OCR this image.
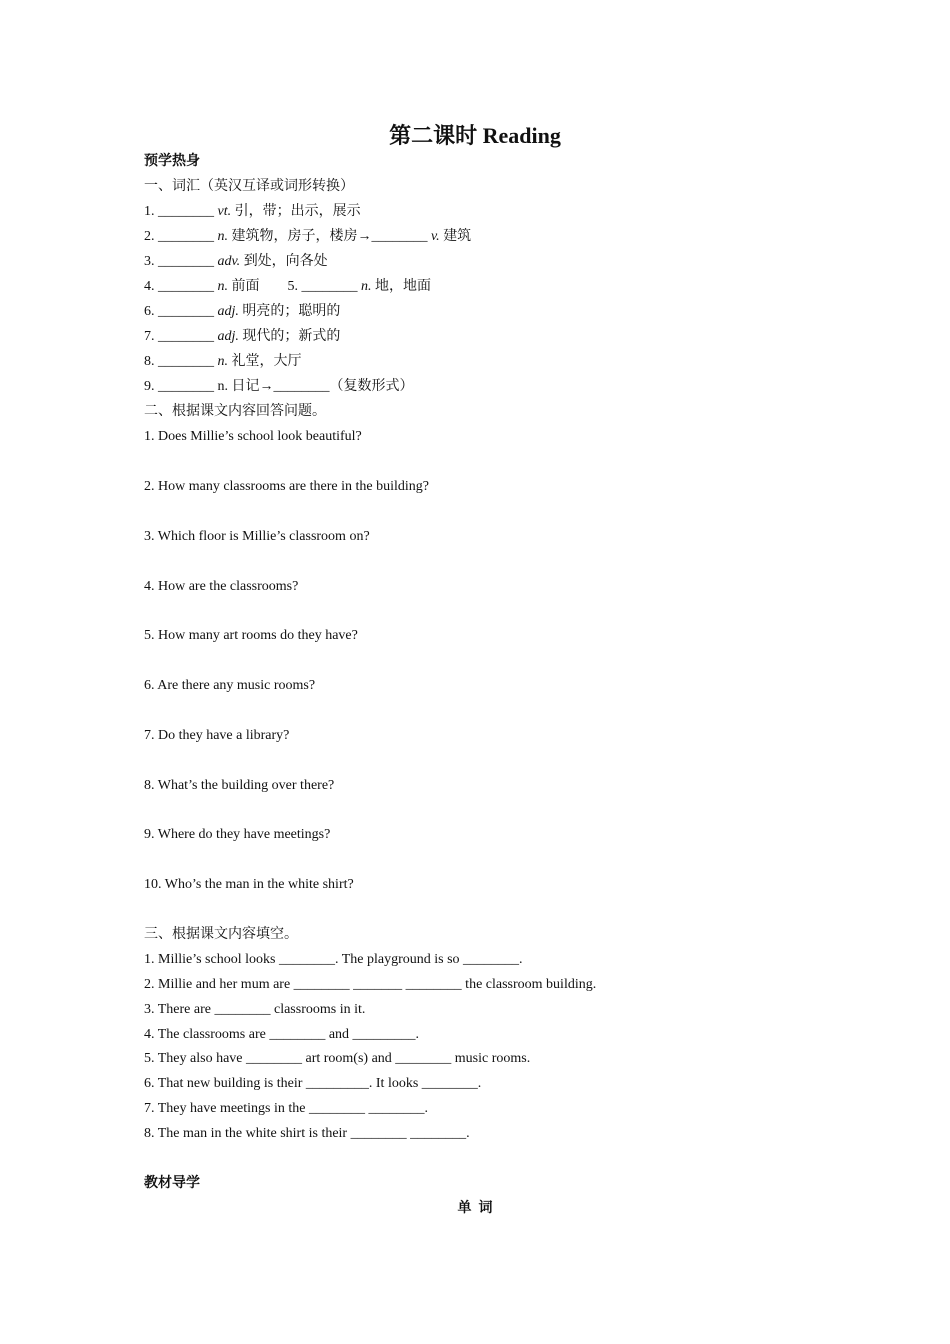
第二课时 Reading
预学热身
一、词汇（英汉互译或词形转换）
1. ________ vt. 引，带；出示，展示
2. ________ n. 建筑物，房子，楼房→________ v. 建筑
3. ________ adv. 到处，向各处
4. ________ n. 前面        5. ________ n. 地，地面
6. ________ adj. 明亮的；聪明的
7. ________ adj. 现代的；新式的
8. ________ n. 礼堂，大厅
9. ________ n. 日记→________（复数形式）
二、根据课文内容回答问题。
1. Does Millie’s school look beautiful?
2. How many classrooms are there in the building?
3. Which floor is Millie’s classroom on?
4. How are the classrooms?
5. How many art rooms do they have?
6. Are there any music rooms?
7. Do they have a library?
8. What’s the building over there?
9. Where do they have meetings?
10. Who’s the man in the white shirt?
三、根据课文内容填空。
1. Millie’s school looks ________. The playground is so ________.
2. Millie and her mum are ________ _______ ________ the classroom building.
3. There are ________ classrooms in it.
4. The classrooms are ________ and _________.
5. They also have ________ art room(s) and ________ music rooms.
6. That new building is their _________. It looks ________.
7. They have meetings in the ________ ________.
8. The man in the white shirt is their ________ ________.
教材导学
单  词
